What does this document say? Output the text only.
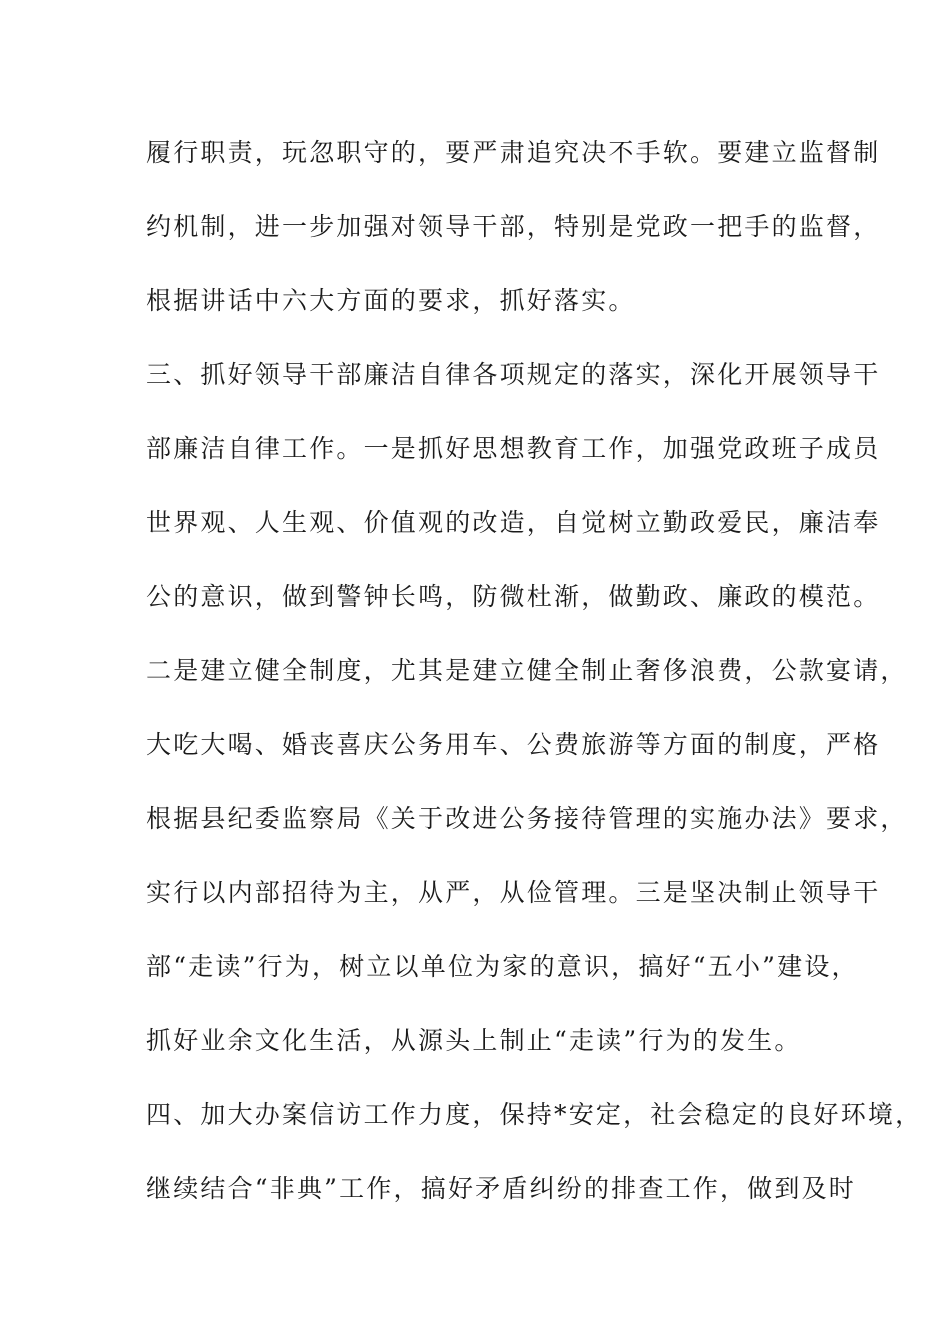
履行职责，玩忽职守的，要严肃追究决不手软。要建立监督制
约机制，进一步加强对领导干部，特别是党政一把手的监督，
根据讲话中六大方面的要求，抓好落实。
三、抓好领导干部廉洁自律各项规定的落实，深化开展领导干
部廉洁自律工作。一是抓好思想教育工作，加强党政班子成员
世界观、人生观、价值观的改造，自觉树立勤政爱民，廉洁奉
公的意识，做到警钟长鸣，防微杜渐，做勤政、廉政的模范。
二是建立健全制度，尤其是建立健全制止奢侈浪费，公款宴请，
大吃大喝、婚丧喜庆公务用车、公费旅游等方面的制度，严格
根据县纪委监察局《关于改进公务接待管理的实施办法》要求，
实行以内部招待为主，从严，从俭管理。三是坚决制止领导干
部“走读”行为，树立以单位为家的意识，搞好“五小”建设，
抓好业余文化生活，从源头上制止“走读”行为的发生。
四、加大办案信访工作力度，保持*安定，社会稳定的良好环境，
继续结合“非典”工作，搞好矛盾纠纷的排查工作，做到及时
